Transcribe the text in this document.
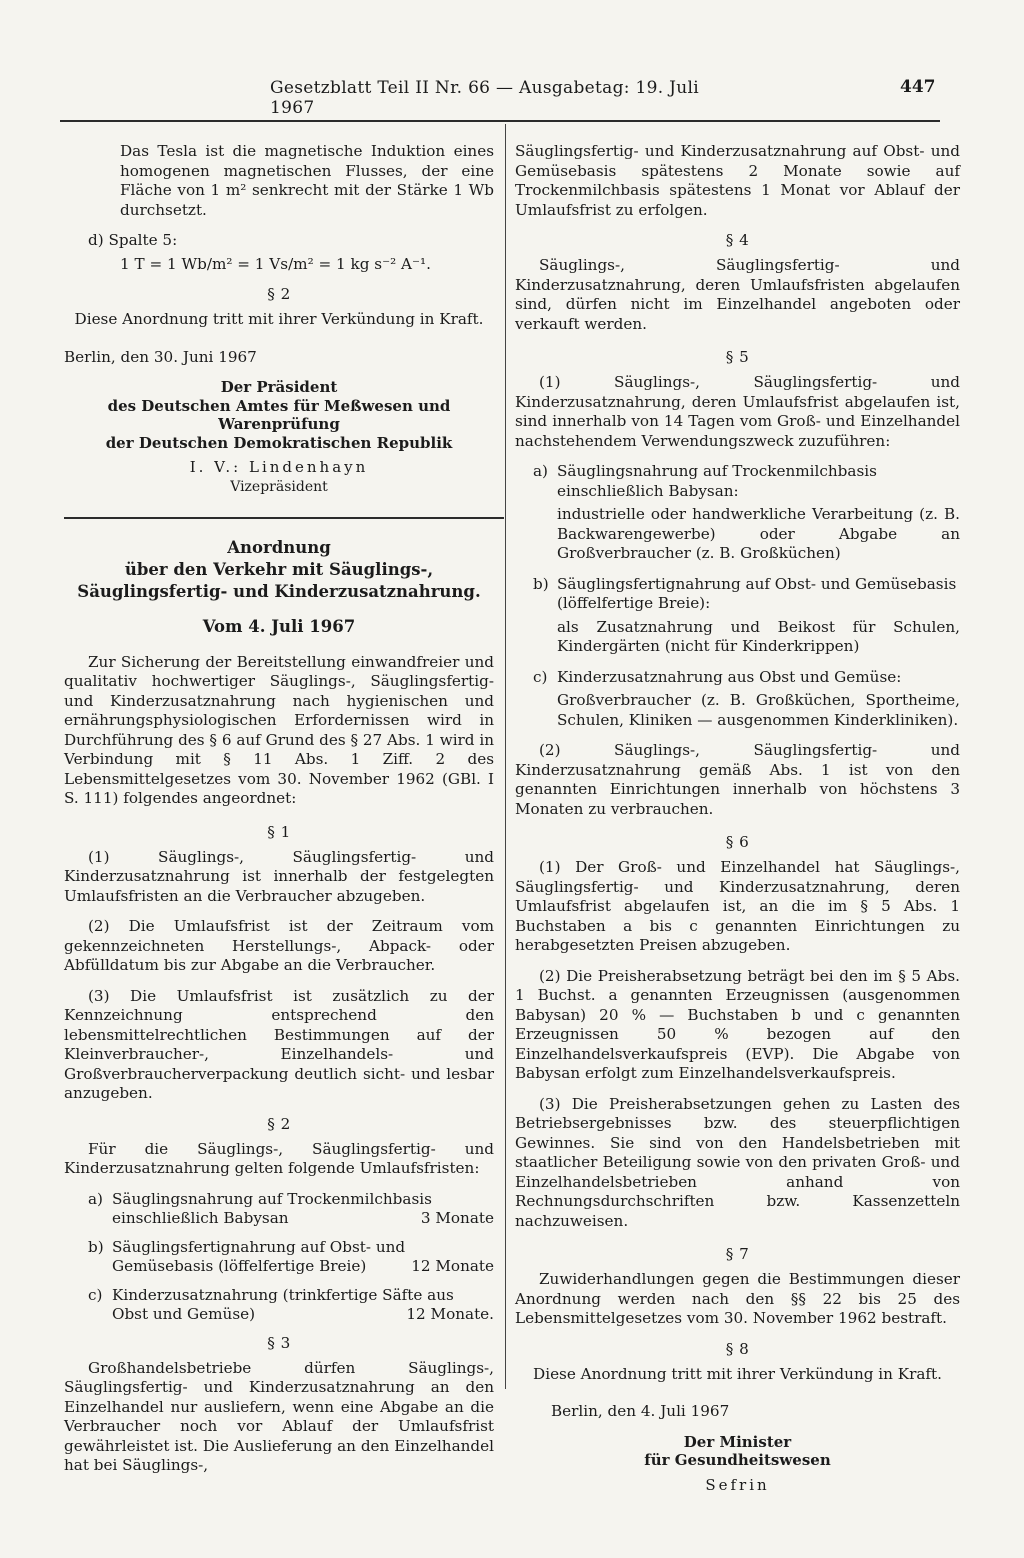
Gesetzblatt Teil II Nr. 66 — Ausgabetag: 19. Juli 1967
447

Das Tesla ist die magnetische Induktion eines homogenen magnetischen Flusses, der eine Fläche von 1 m² senkrecht mit der Stärke 1 Wb durchsetzt.

d) Spalte 5:

1 T = 1 Wb/m² = 1 Vs/m² = 1 kg s⁻² A⁻¹.

§ 2

Diese Anordnung tritt mit ihrer Verkündung in Kraft.

Berlin, den 30. Juni 1967

Der Präsident
des Deutschen Amtes für Meßwesen und Warenprüfung
der Deutschen Demokratischen Republik

I. V.: Lindenhayn

Vizepräsident

Anordnung
über den Verkehr mit Säuglings-,
Säuglingsfertig- und Kinderzusatznahrung.

Vom 4. Juli 1967

Zur Sicherung der Bereitstellung einwandfreier und qualitativ hochwertiger Säuglings-, Säuglingsfertig- und Kinderzusatznahrung nach hygienischen und ernährungsphysiologischen Erfordernissen wird in Durchführung des § 6 auf Grund des § 27 Abs. 1 wird in Verbindung mit § 11 Abs. 1 Ziff. 2 des Lebensmittelgesetzes vom 30. November 1962 (GBl. I S. 111) folgendes angeordnet:

§ 1

(1) Säuglings-, Säuglingsfertig- und Kinderzusatznahrung ist innerhalb der festgelegten Umlaufsfristen an die Verbraucher abzugeben.

(2) Die Umlaufsfrist ist der Zeitraum vom gekennzeichneten Herstellungs-, Abpack- oder Abfülldatum bis zur Abgabe an die Verbraucher.

(3) Die Umlaufsfrist ist zusätzlich zu der Kennzeichnung entsprechend den lebensmittelrechtlichen Bestimmungen auf der Kleinverbraucher-, Einzelhandels- und Großverbraucherverpackung deutlich sicht- und lesbar anzugeben.

§ 2

Für die Säuglings-, Säuglingsfertig- und Kinderzusatznahrung gelten folgende Umlaufsfristen:

a) Säuglingsnahrung auf Trockenmilchbasis einschließlich Babysan	3 Monate
b) Säuglingsfertignahrung auf Obst- und Gemüsebasis (löffelfertige Breie)	12 Monate
c) Kinderzusatznahrung (trinkfertige Säfte aus Obst und Gemüse)	12 Monate.
§ 3

Großhandelsbetriebe dürfen Säuglings-, Säuglingsfertig- und Kinderzusatznahrung an den Einzelhandel nur ausliefern, wenn eine Abgabe an die Verbraucher noch vor Ablauf der Umlaufsfrist gewährleistet ist. Die Auslieferung an den Einzelhandel hat bei Säuglings-,

Säuglingsfertig- und Kinderzusatznahrung auf Obst- und Gemüsebasis spätestens 2 Monate sowie auf Trockenmilchbasis spätestens 1 Monat vor Ablauf der Umlaufsfrist zu erfolgen.

§ 4

Säuglings-, Säuglingsfertig- und Kinderzusatznahrung, deren Umlaufsfristen abgelaufen sind, dürfen nicht im Einzelhandel angeboten oder verkauft werden.

§ 5

(1) Säuglings-, Säuglingsfertig- und Kinderzusatznahrung, deren Umlaufsfrist abgelaufen ist, sind innerhalb von 14 Tagen vom Groß- und Einzelhandel nachstehendem Verwendungszweck zuzuführen:

a) Säuglingsnahrung auf Trockenmilchbasis einschließlich Babysan:

industrielle oder handwerkliche Verarbeitung (z. B. Backwarengewerbe) oder Abgabe an Großverbraucher (z. B. Großküchen)

b) Säuglingsfertignahrung auf Obst- und Gemüsebasis (löffelfertige Breie):

als Zusatznahrung und Beikost für Schulen, Kindergärten (nicht für Kinderkrippen)

c) Kinderzusatznahrung aus Obst und Gemüse:

Großverbraucher (z. B. Großküchen, Sportheime, Schulen, Kliniken — ausgenommen Kinderkliniken).

(2) Säuglings-, Säuglingsfertig- und Kinderzusatznahrung gemäß Abs. 1 ist von den genannten Einrichtungen innerhalb von höchstens 3 Monaten zu verbrauchen.

§ 6

(1) Der Groß- und Einzelhandel hat Säuglings-, Säuglingsfertig- und Kinderzusatznahrung, deren Umlaufsfrist abgelaufen ist, an die im § 5 Abs. 1 Buchstaben a bis c genannten Einrichtungen zu herabgesetzten Preisen abzugeben.

(2) Die Preisherabsetzung beträgt bei den im § 5 Abs. 1 Buchst. a genannten Erzeugnissen (ausgenommen Babysan) 20 % — Buchstaben b und c genannten Erzeugnissen 50 % bezogen auf den Einzelhandelsverkaufspreis (EVP). Die Abgabe von Babysan erfolgt zum Einzelhandelsverkaufspreis.

(3) Die Preisherabsetzungen gehen zu Lasten des Betriebsergebnisses bzw. des steuerpflichtigen Gewinnes. Sie sind von den Handelsbetrieben mit staatlicher Beteiligung sowie von den privaten Groß- und Einzelhandelsbetrieben anhand von Rechnungsdurchschriften bzw. Kassenzetteln nachzuweisen.

§ 7

Zuwiderhandlungen gegen die Bestimmungen dieser Anordnung werden nach den §§ 22 bis 25 des Lebensmittelgesetzes vom 30. November 1962 bestraft.

§ 8

Diese Anordnung tritt mit ihrer Verkündung in Kraft.

Berlin, den 4. Juli 1967

Der Minister
für Gesundheitswesen

Sefrin
